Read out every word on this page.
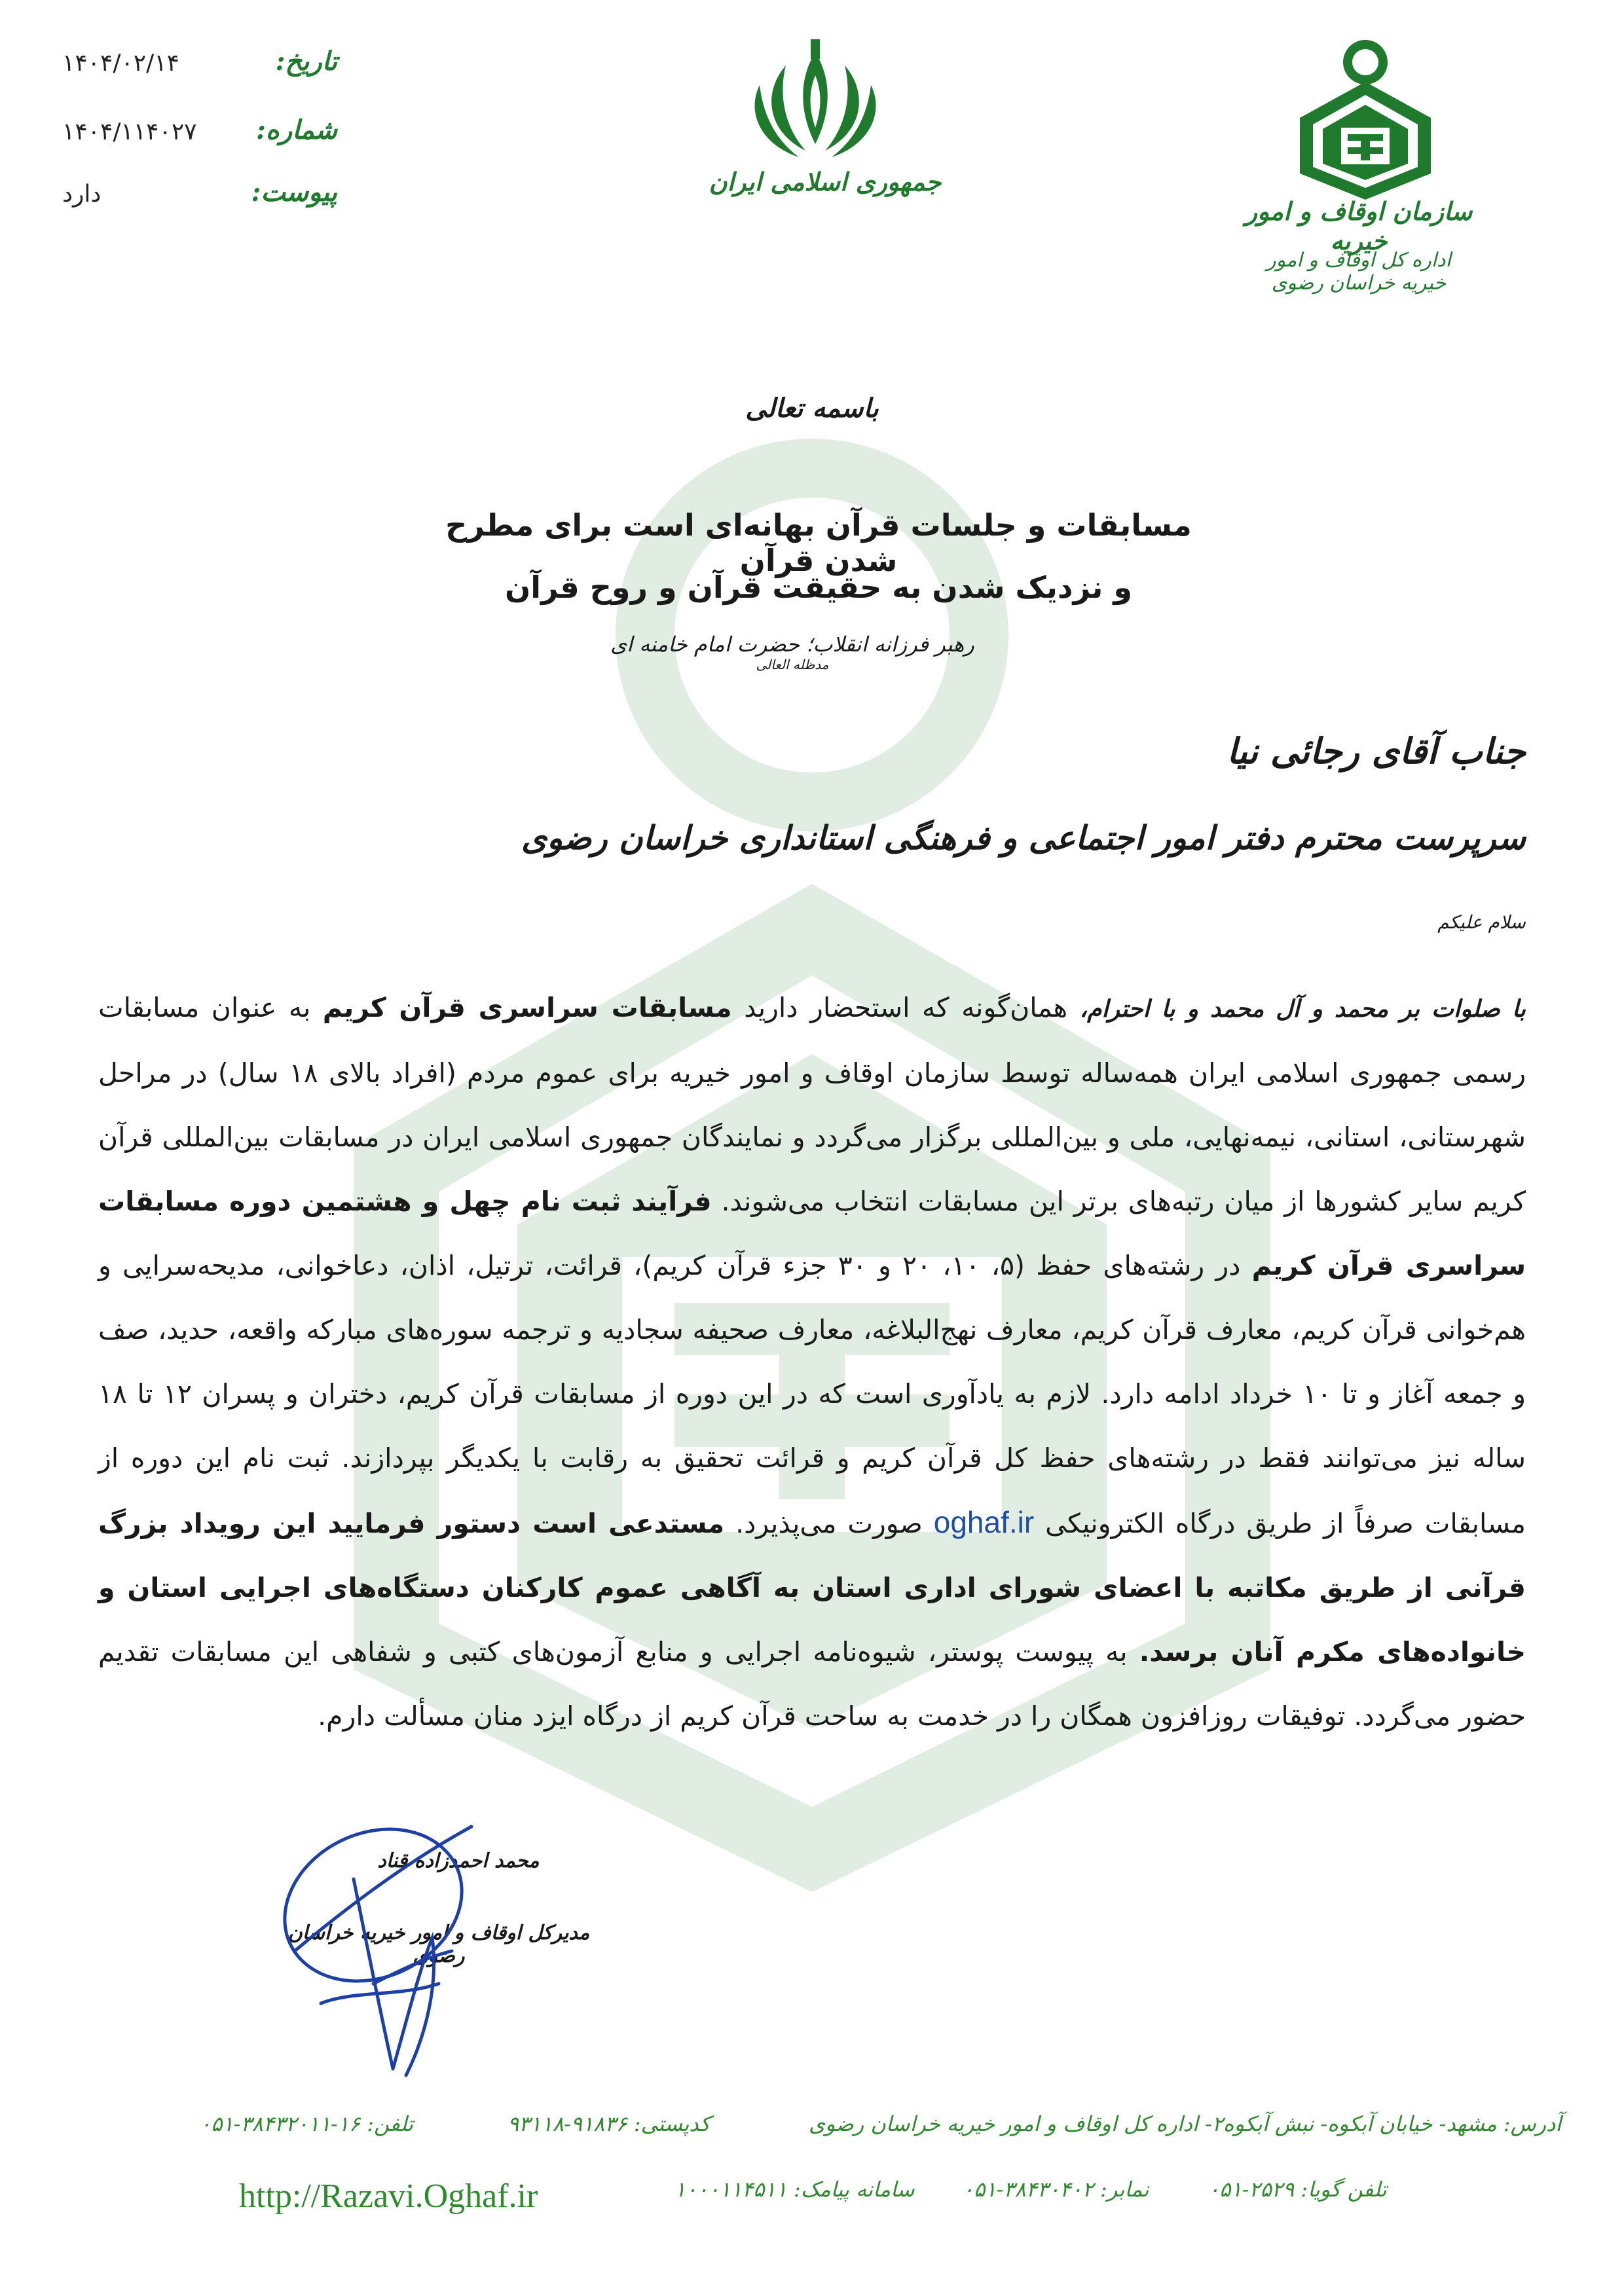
تاریخ:
۱۴۰۴/۰۲/۱۴
شماره:
۱۴۰۴/۱۱۴۰۲۷
پیوست:
دارد	جمهوری اسلامی ایران
سازمان اوقاف و امور خیریه
اداره کل اوقاف و امور خیریه خراسان رضوی
باسمه تعالی
مسابقات و جلسات قرآن بهانه‌ای است برای مطرح شدن قرآن
و نزدیک شدن به حقیقت قرآن و روح قرآن
رهبر فرزانه انقلاب؛ حضرت امام خامنه ای $^{مدظله العالی}$
جناب آقای رجائی نیا
سرپرست محترم دفتر امور اجتماعی و فرهنگی استانداری خراسان رضوی
سلام علیکم
با صلوات بر محمد و آل محمد و با احترام، همان‌گونه که استحضار دارید مسابقات سراسری قرآن کریم به عنوان مسابقات رسمی جمهوری اسلامی ایران همه‌ساله توسط سازمان اوقاف و امور خیریه برای عموم مردم (افراد بالای ۱۸ سال) در مراحل شهرستانی، استانی، نیمه‌نهایی، ملی و بین‌المللی برگزار می‌گردد و نمایندگان جمهوری اسلامی ایران در مسابقات بین‌المللی قرآن کریم سایر کشورها از میان رتبه‌های برتر این مسابقات انتخاب می‌شوند. فرآیند ثبت نام چهل و هشتمین دوره مسابقات سراسری قرآن کریم در رشته‌های حفظ (۵، ۱۰، ۲۰ و ۳۰ جزء قرآن کریم)، قرائت، ترتیل، اذان، دعاخوانی، مدیحه‌سرایی و هم‌خوانی قرآن کریم، معارف قرآن کریم، معارف نهج‌البلاغه، معارف صحیفه سجادیه و ترجمه سوره‌های مبارکه واقعه، حدید، صف و جمعه آغاز و تا ۱۰ خرداد ادامه دارد. لازم به یادآوری است که در این دوره از مسابقات قرآن کریم، دختران و پسران ۱۲ تا ۱۸ ساله نیز می‌توانند فقط در رشته‌های حفظ کل قرآن کریم و قرائت تحقیق به رقابت با یکدیگر بپردازند. ثبت نام این دوره از مسابقات صرفاً از طریق درگاه الکترونیکی oghaf.ir صورت می‌پذیرد. مستدعی است دستور فرمایید این رویداد بزرگ قرآنی از طریق مکاتبه با اعضای شورای اداری استان به آگاهی عموم کارکنان دستگاه‌های اجرایی استان و خانواده‌های مکرم آنان برسد. به پیوست پوستر، شیوه‌نامه اجرایی و منابع آزمون‌های کتبی و شفاهی این مسابقات تقدیم حضور می‌گردد. توفیقات روزافزون همگان را در خدمت به ساحت قرآن کریم از درگاه ایزد منان مسألت دارم.
محمد احمدزاده قناد
مدیرکل اوقاف و امور خیریه خراسان رضوی
آدرس: مشهد- خیابان آبکوه- نبش آبکوه۲- اداره کل اوقاف و امور خیریه خراسان رضوی
کدپستی: ۹۱۸۳۶-۹۳۱۱۸
تلفن: ۱۶-۳۸۴۳۲۰۱۱-۰۵۱
تلفن گویا: ۲۵۲۹-۰۵۱
نمابر: ۳۸۴۳۰۴۰۲-۰۵۱
سامانه پیامک: ۱۰۰۰۱۱۴۵۱۱
http://Razavi.Oghaf.ir
